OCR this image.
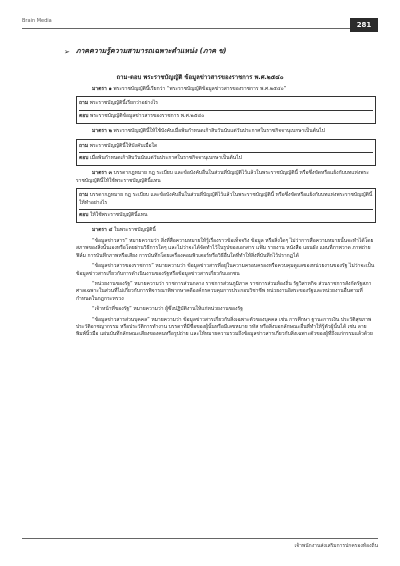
Brain Media	281
➢ ภาคความรู้ความสามารถเฉพาะตำแหน่ง (ภาค ข)
ถาม-ตอบ พระราชบัญญัติ ข้อมูลข่าวสารของราชการ พ.ศ.๒๕๔๐

มาตรา ๑ พระราชบัญญัตินี้เรียกว่า “พระราชบัญญัติข้อมูลข่าวสารของราชการ พ.ศ.๒๕๔๐”

ถาม พระราชบัญญัตินี้เรียกว่าอย่างไร
ตอบ พระราชบัญญัติข้อมูลข่าวสารของราชการ พ.ศ.๒๕๔๐

มาตรา ๒ พระราชบัญญัตินี้ให้ใช้บังคับเมื่อพ้นกำหนดเก้าสิบวันนับแต่วันประกาศในราชกิจจานุเบกษาเป็นต้นไป

ถาม พระราชบัญญัตินี้ให้บังคับเมื่อใด
ตอบ เมื่อพ้นกำหนดเก้าสิบวันนับแต่วันประกาศในราชกิจจานุเบกษาเป็นต้นไป

มาตรา ๓ บรรดากฎหมาย กฎ ระเบียบ และข้อบังคับอื่นในส่วนที่บัญญัติไว้แล้วในพระราชบัญญัตินี้ หรือซึ่งขัดหรือแย้งกับบทแห่งพระราชบัญญัตินี้ให้ใช้พระราชบัญญัตินี้แทน

ถาม บรรดากฎหมาย กฎ ระเบียบ และข้อบังคับอื่นในส่วนที่บัญญัติไว้แล้วในพระราชบัญญัตินี้ หรือซึ่งขัดหรือแย้งกับบทแห่งพระราชบัญญัตินี้ให้ทำอย่างไร
ตอบ ให้ใช้พระราชบัญญัตินี้แทน

มาตรา ๔ ในพระราชบัญญัตินี้

“ข้อมูลข่าวสาร” หมายความว่า สิ่งที่สื่อความหมายให้รู้เรื่องราวข้อเท็จจริง ข้อมูล หรือสิ่งใดๆ ไม่ว่าการสื่อความหมายนั้นจะทำได้โดยสภาพของสิ่งนั้นเองหรือโดยผ่านวิธีการใดๆ และไม่ว่าจะได้จัดทำไว้ในรูปของเอกสาร แฟ้ม รายงาน หนังสือ แผนผัง แผนที่ภาพวาด ภาพถ่าย ฟิล์ม การบันทึกภาพหรือเสียง การบันทึกโดยเครื่องคอมพิวเตอร์หรือวิธีอื่นใดที่ทำให้สิ่งที่บันทึกไว้ปรากฏได้

“ข้อมูลข่าวสารของราชการ” หมายความว่า ข้อมูลข่าวสารที่อยู่ในความครอบครองหรือควบคุมดูแลของหน่วยงานของรัฐ ไม่ว่าจะเป็นข้อมูลข่าวสารเกี่ยวกับการดำเนินงานของรัฐหรือข้อมูลข่าวสารเกี่ยวกับเอกชน

“หน่วยงานของรัฐ” หมายความว่า ราชการส่วนกลาง ราชการส่วนภูมิภาค ราชการส่วนท้องถิ่น รัฐวิสาหกิจ ส่วนราชการสังกัดรัฐสภา ศาลเฉพาะในส่วนที่ไม่เกี่ยวกับการพิจารณาพิพากษาคดีองค์กรควบคุมการประกอบวิชาชีพ หน่วยงานอิสระของรัฐและหน่วยงานอื่นตามที่กำหนดในกฎกระทรวง

“เจ้าหน้าที่ของรัฐ” หมายความว่า ผู้ซึ่งปฏิบัติงานให้แก่หน่วยงานของรัฐ

“ข้อมูลข่าวสารส่วนบุคคล” หมายความว่า ข้อมูลข่าวสารเกี่ยวกับสิ่งเฉพาะตัวของบุคคล เช่น การศึกษา ฐานะการเงิน ประวัติสุขภาพ ประวัติอาชญากรรม หรือประวัติการทำงาน บรรดาที่มีชื่อของผู้นั้นหรือมีเลขหมาย รหัส หรือสิ่งบอกลักษณะอื่นที่ทำให้รู้ตัวผู้นั้นได้ เช่น ลายพิมพ์นิ้วมือ แผ่นบันทึกลักษณะเสียงของคนหรือรูปถ่าย และให้หมายความรวมถึงข้อมูลข่าวสารเกี่ยวกับสิ่งเฉพาะตัวของผู้ที่ถึงแก่กรรมแล้วด้วย

เจ้าพนักงานส่งเสริมการปกครองท้องถิ่น
